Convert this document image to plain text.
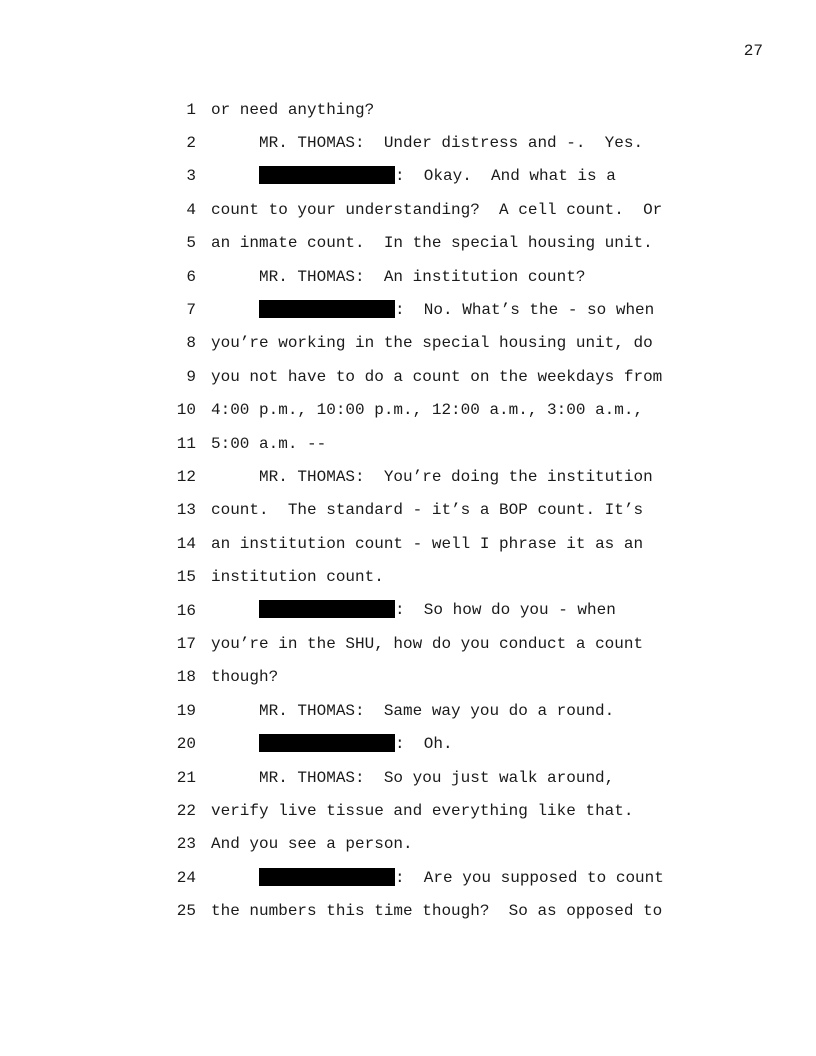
27
1 or need anything?
2	MR. THOMAS:  Under distress and -.  Yes.
3	:  Okay.  And what is a
4 count to your understanding?  A cell count.  Or
5 an inmate count.  In the special housing unit.
6	MR. THOMAS:  An institution count?
7	:  No. What’s the - so when
8 you’re working in the special housing unit, do
9 you not have to do a count on the weekdays from
10 4:00 p.m., 10:00 p.m., 12:00 a.m., 3:00 a.m.,
11 5:00 a.m. --
12	MR. THOMAS:  You’re doing the institution
13 count.  The standard - it’s a BOP count. It’s
14 an institution count - well I phrase it as an
15 institution count.
16	:  So how do you - when
17 you’re in the SHU, how do you conduct a count
18 though?
19	MR. THOMAS:  Same way you do a round.
20	:  Oh.
21	MR. THOMAS:  So you just walk around,
22 verify live tissue and everything like that.
23 And you see a person.
24	:  Are you supposed to count
25 the numbers this time though?  So as opposed to
